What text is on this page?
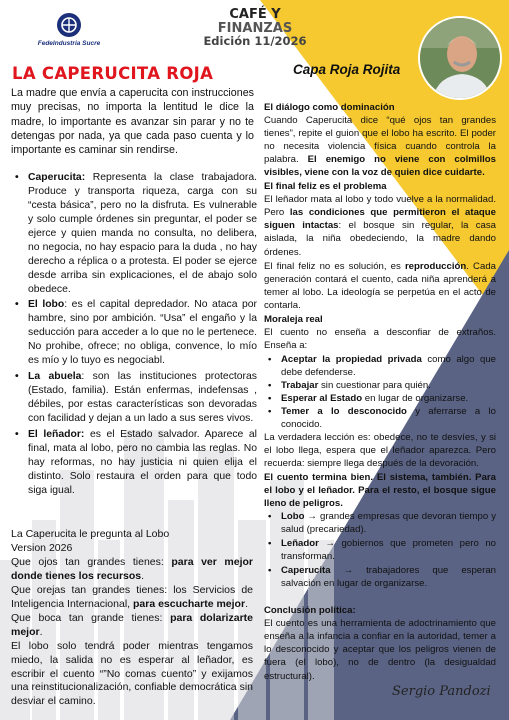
FedeIndustria Sucre
CAFÉ Y
FINANZAS
Edición 11/2026
LA CAPERUCITA ROJA	Capa Roja Rojita

La madre que envía a caperucita con instrucciones muy precisas, no importa la lentitud le dice la madre, lo importante es avanzar sin parar y no te detengas por nada, ya que cada paso cuenta y lo importante es caminar sin rendirse.

• Caperucita: Representa la clase trabajadora. Produce y transporta riqueza, carga con su “cesta básica”, pero no la disfruta. Es vulnerable y solo cumple órdenes sin preguntar, el poder se ejerce y quien manda no consulta, no delibera, no negocia, no hay espacio para la duda , no hay derecho a réplica o a protesta. El poder se ejerce desde arriba sin explicaciones, el de abajo solo obedece.
• El lobo: es el capital depredador. No ataca por hambre, sino por ambición. “Usa” el engaño y la seducción para acceder a lo que no le pertenece. No prohibe, ofrece; no obliga, convence, lo mío es mío y lo tuyo es negociabl.
• La abuela: son las instituciones protectoras (Estado, familia). Están enfermas, indefensas , débiles, por estas características son devoradas con facilidad y dejan a un lado a sus seres vivos.
• El leñador: es el Estado salvador. Aparece al final, mata al lobo, pero no cambia las reglas. No hay reformas, no hay justicia ni quien elija el distinto. Solo restaura el orden para que todo siga igual.

La Caperucita le pregunta al Lobo

Version 2026

Que ojos tan grandes tienes: para ver mejor donde tienes los recursos.

Que orejas tan grandes tienes: los Servicios de Inteligencia Internacional, para escucharte mejor.

Que boca tan grande tienes: para dolarizarte mejor.

El lobo solo tendrá poder mientras tengamos miedo, la salida no es esperar al leñador, es escribir el cuento “”No comas cuento” y exijamos una reinstitucionalización, confiable democrática sin desviar el camino.

El diálogo como dominación

Cuando Caperucita dice “qué ojos tan grandes tienes”, repite el guion que el lobo ha escrito. El poder no necesita violencia física cuando controla la palabra. El enemigo no viene con colmillos visibles, viene con la voz de quien dice cuidarte.

El final feliz es el problema

El leñador mata al lobo y todo vuelve a la normalidad. Pero las condiciones que permitieron el ataque siguen intactas: el bosque sin regular, la casa aislada, la niña obedeciendo, la madre dando órdenes.

El final feliz no es solución, es reproducción. Cada generación contará el cuento, cada niña aprenderá a temer al lobo. La ideología se perpetúa en el acto de contarla.

Moraleja real

El cuento no enseña a desconfiar de extraños. Enseña a:

• Aceptar la propiedad privada como algo que debe defenderse.
• Trabajar sin cuestionar para quién.
• Esperar al Estado en lugar de organizarse.
• Temer a lo desconocido y aferrarse a lo conocido.

La verdadera lección es: obedece, no te desvíes, y si el lobo llega, espera que el leñador aparezca. Pero recuerda: siempre llega después de la devoración.

El cuento termina bien. El sistema, también. Para el lobo y el leñador. Para el resto, el bosque sigue lleno de peligros.

• Lobo → grandes empresas que devoran tiempo y salud (precariedad).
• Leñador → gobiernos que prometen pero no transforman.
• Caperucita → trabajadores que esperan salvación en lugar de organizarse.
Conclusión política:

El cuento es una herramienta de adoctrinamiento que enseña a la infancia a confiar en la autoridad, temer a lo desconocido y aceptar que los peligros vienen de fuera (el lobo), no de dentro (la desigualdad estructural).

Sergio Pandozi
